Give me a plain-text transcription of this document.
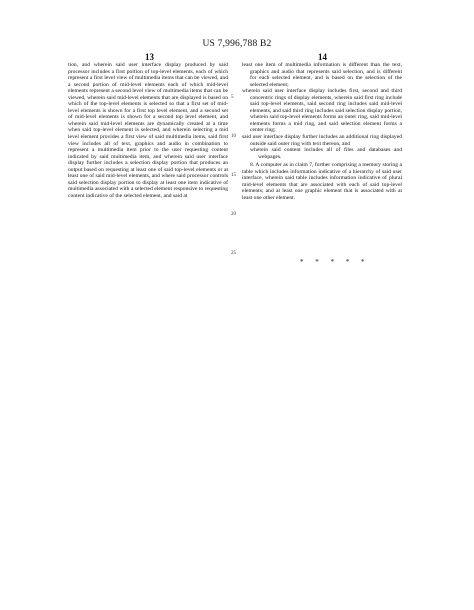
US 7,996,788 B2
13	14

tion, and wherein said user interface display produced by said processor includes a first portion of top-level elements, each of which represent a first level view of multimedia items that can be viewed, and a second portion of mid-level elements each of which mid-level elements represent a second level view of multimedia items that can be viewed, wherein said mid-level elements that are displayed is based on which of the top-level elements is selected so that a first set of mid-level elements is shown for a first top level element, and a second set of mid-level elements is shown for a second top level element, and wherein said mid-level elements are dynamically created at a time when said top-level element is selected, and wherein selecting a mid level element provides a first view of said multimedia items, said first view includes all of text, graphics and audio in combination to represent a multimedia item prior to the user requesting content indicated by said multimedia item, and wherein said user interface display further includes a selection display portion that produces an output based on requesting at least one of said top-level elements or at least one of said mid-level elements, and where said processor controls said selection display portion to display at least one item indicative of multimedia associated with a selected element responsive to requesting content indicative of the selected element, and said at

5
10
15
20
25

least one item of multimedia information is different than the text, graphics and audio that represents said selection, and is different for each selected element, and is based on the selection of the selected element;

wherein said user interface display includes first, second and third concentric rings of display elements, wherein said first ring include said top-level elements, said second ring includes said mid-level elements, and said third ring includes said selection display portion, wherein said top-level elements forms an outer ring, said mid-level elements forms a mid ring, and said selection element forms a center ring;

said user interface display further includes an additional ring displayed outside said outer ring with text thereon, and

wherein said content includes all of files and databases and webpages.

8. A computer as in claim 7, further comprising a memory storing a table which includes information indicative of a hierarchy of said user interface, wherein said table includes information indicative of plural mid-level elements that are associated with each of said top-level elements; and at least one graphic element that is associated with at least one other element.

* * * * *
